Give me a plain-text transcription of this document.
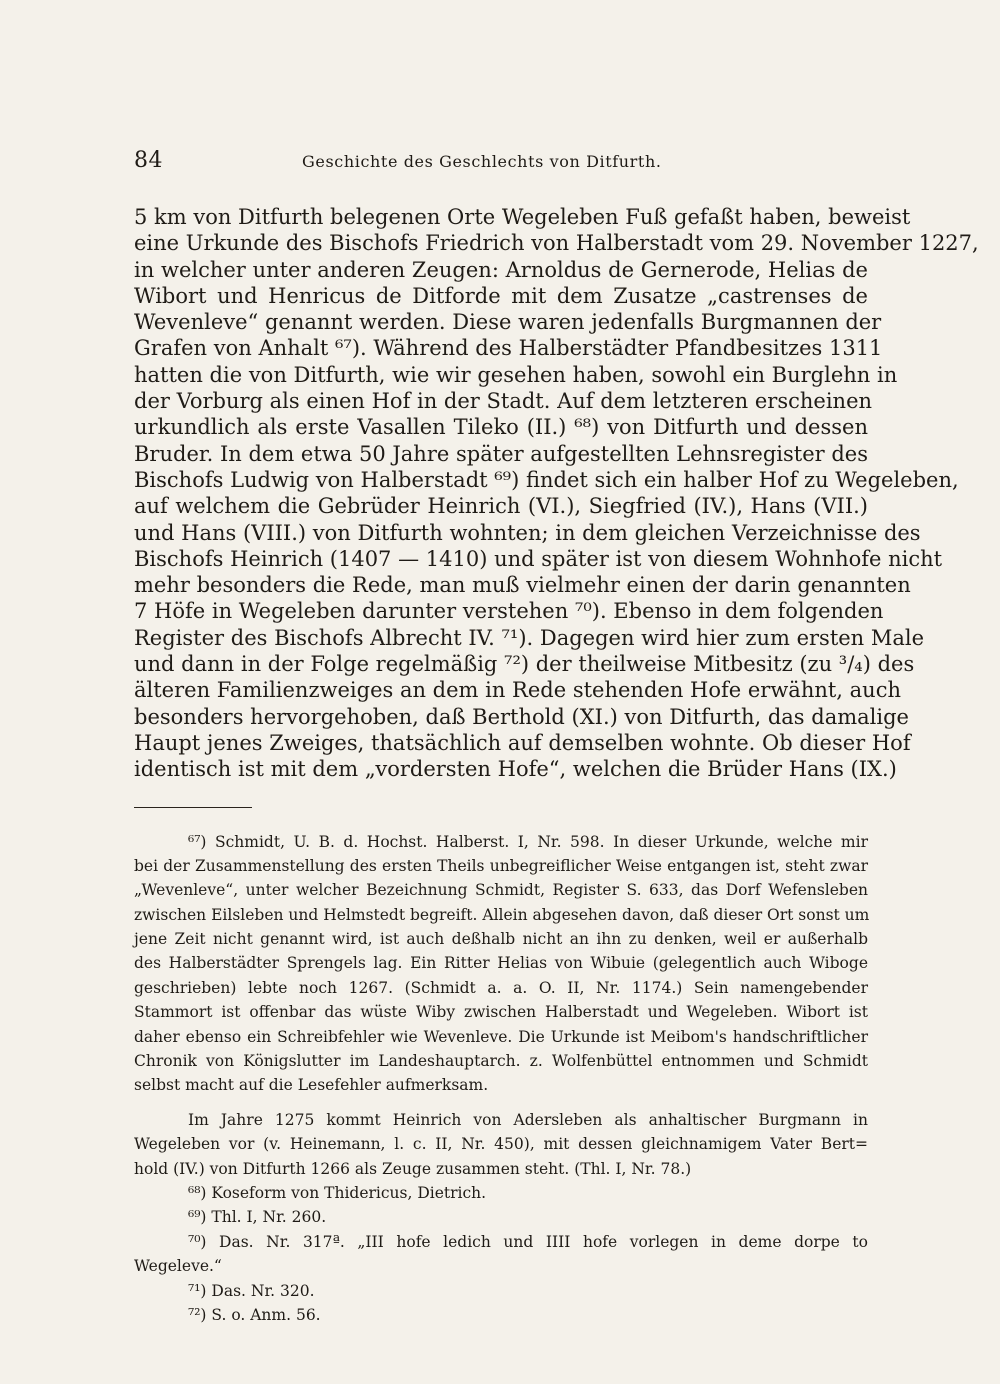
84	Geschichte des Geschlechts von Ditfurth.
5 km von Ditfurth belegenen Orte Wegeleben Fuß gefaßt haben, beweist
eine Urkunde des Bischofs Friedrich von Halberstadt vom 29. November 1227,
in welcher unter anderen Zeugen: Arnoldus de Gernerode, Helias de
Wibort und Henricus de Ditforde mit dem Zusatze „castrenses de
Wevenleve“ genannt werden. Diese waren jedenfalls Burgmannen der
Grafen von Anhalt ⁶⁷). Während des Halberstädter Pfandbesitzes 1311
hatten die von Ditfurth, wie wir gesehen haben, sowohl ein Burglehn in
der Vorburg als einen Hof in der Stadt. Auf dem letzteren erscheinen
urkundlich als erste Vasallen Tileko (II.) ⁶⁸) von Ditfurth und dessen
Bruder. In dem etwa 50 Jahre später aufgestellten Lehnsregister des
Bischofs Ludwig von Halberstadt ⁶⁹) findet sich ein halber Hof zu Wegeleben,
auf welchem die Gebrüder Heinrich (VI.), Siegfried (IV.), Hans (VII.)
und Hans (VIII.) von Ditfurth wohnten; in dem gleichen Verzeichnisse des
Bischofs Heinrich (1407 — 1410) und später ist von diesem Wohnhofe nicht
mehr besonders die Rede, man muß vielmehr einen der darin genannten
7 Höfe in Wegeleben darunter verstehen ⁷⁰). Ebenso in dem folgenden
Register des Bischofs Albrecht IV. ⁷¹). Dagegen wird hier zum ersten Male
und dann in der Folge regelmäßig ⁷²) der theilweise Mitbesitz (zu ³/₄) des
älteren Familienzweiges an dem in Rede stehenden Hofe erwähnt, auch
besonders hervorgehoben, daß Berthold (XI.) von Ditfurth, das damalige
Haupt jenes Zweiges, thatsächlich auf demselben wohnte. Ob dieser Hof
identisch ist mit dem „vordersten Hofe“, welchen die Brüder Hans (IX.)
⁶⁷) Schmidt, U. B. d. Hochst. Halberst. I, Nr. 598. In dieser Urkunde, welche mir
bei der Zusammenstellung des ersten Theils unbegreiflicher Weise entgangen ist, steht zwar
„Wevenleve“, unter welcher Bezeichnung Schmidt, Register S. 633, das Dorf Wefensleben
zwischen Eilsleben und Helmstedt begreift. Allein abgesehen davon, daß dieser Ort sonst um
jene Zeit nicht genannt wird, ist auch deßhalb nicht an ihn zu denken, weil er außerhalb
des Halberstädter Sprengels lag. Ein Ritter Helias von Wibuie (gelegentlich auch Wiboge
geschrieben) lebte noch 1267. (Schmidt a. a. O. II, Nr. 1174.) Sein namengebender
Stammort ist offenbar das wüste Wiby zwischen Halberstadt und Wegeleben. Wibort ist
daher ebenso ein Schreibfehler wie Wevenleve. Die Urkunde ist Meibom's handschriftlicher
Chronik von Königslutter im Landeshauptarch. z. Wolfenbüttel entnommen und Schmidt
selbst macht auf die Lesefehler aufmerksam.
Im Jahre 1275 kommt Heinrich von Adersleben als anhaltischer Burgmann in
Wegeleben vor (v. Heinemann, l. c. II, Nr. 450), mit dessen gleichnamigem Vater Bert=
hold (IV.) von Ditfurth 1266 als Zeuge zusammen steht. (Thl. I, Nr. 78.)
⁶⁸) Koseform von Thidericus, Dietrich.
⁶⁹) Thl. I, Nr. 260.
⁷⁰) Das. Nr. 317ª. „III hofe ledich und IIII hofe vorlegen in deme dorpe to
Wegeleve.“
⁷¹) Das. Nr. 320.
⁷²) S. o. Anm. 56.
